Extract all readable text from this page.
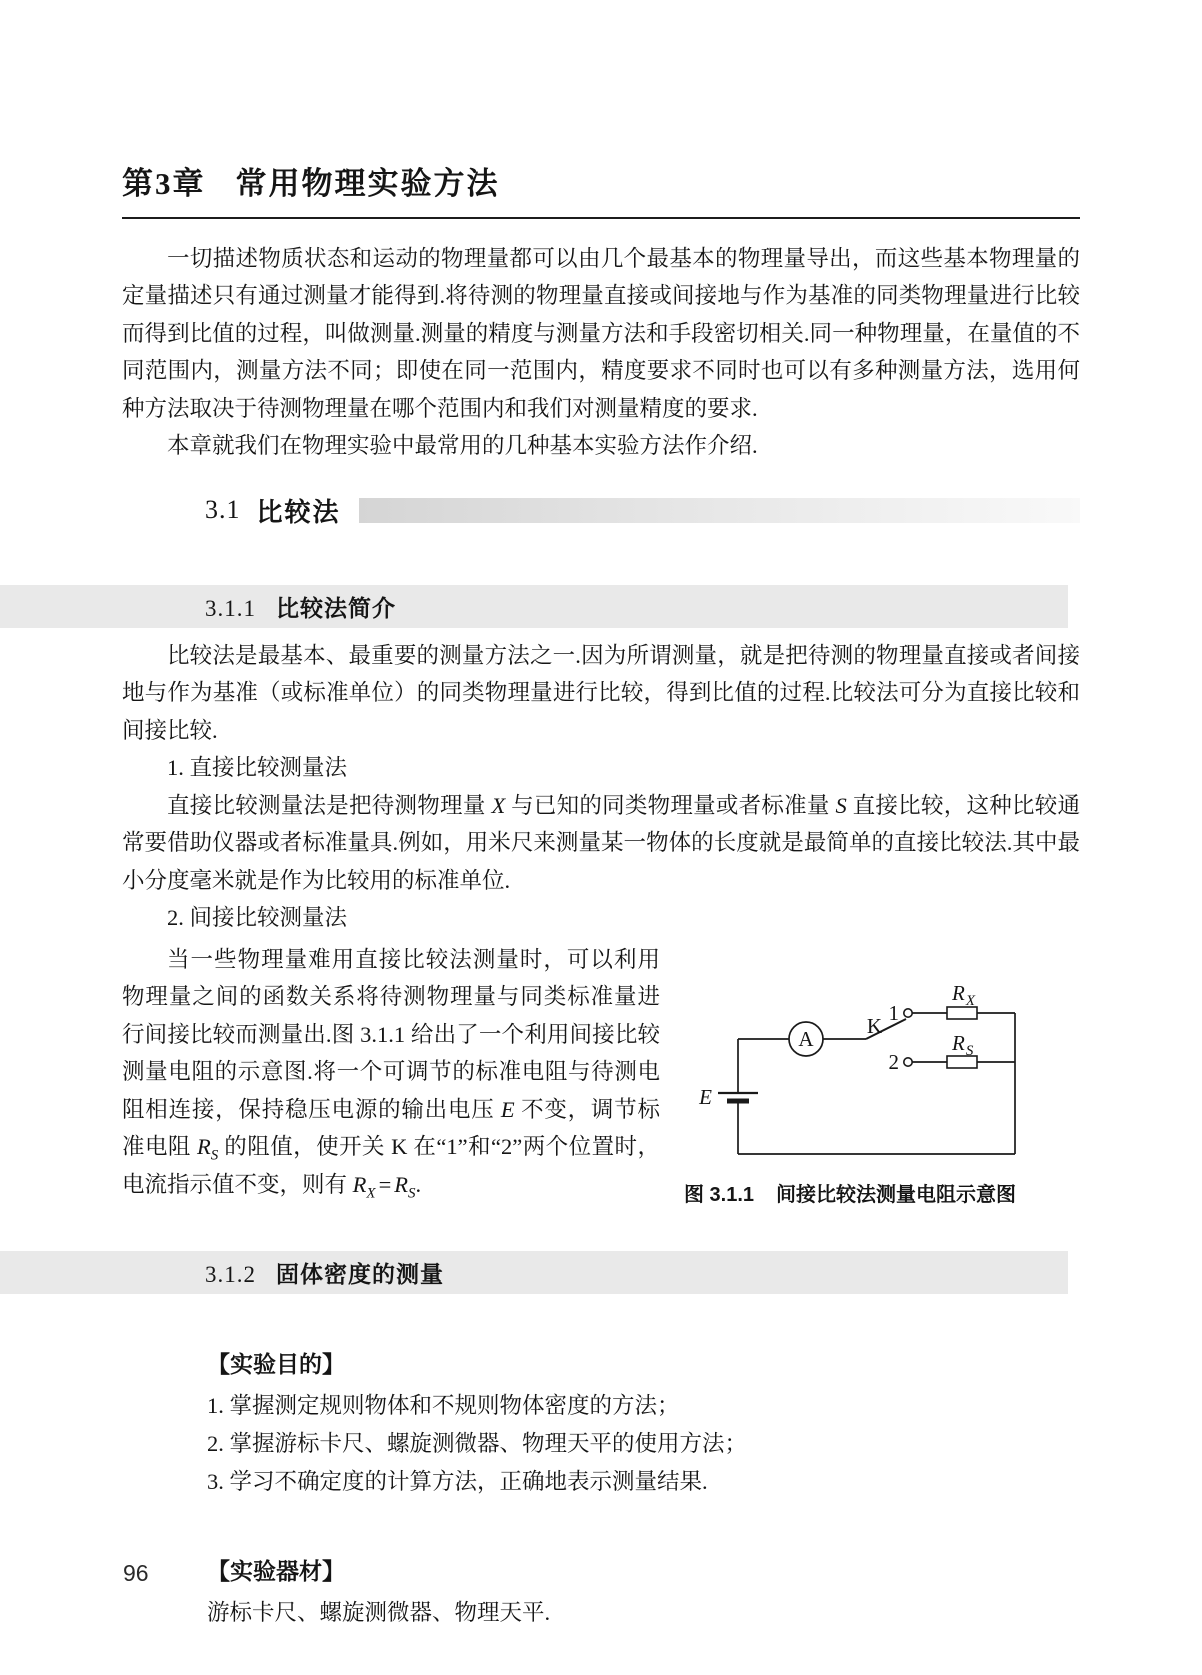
第3章 常用物理实验方法

一切描述物质状态和运动的物理量都可以由几个最基本的物理量导出，而这些基本物理量的定量描述只有通过测量才能得到.将待测的物理量直接或间接地与作为基准的同类物理量进行比较而得到比值的过程，叫做测量.测量的精度与测量方法和手段密切相关.同一种物理量，在量值的不同范围内，测量方法不同；即使在同一范围内，精度要求不同时也可以有多种测量方法，选用何种方法取决于待测物理量在哪个范围内和我们对测量精度的要求.

本章就我们在物理实验中最常用的几种基本实验方法作介绍.

3.1 比较法
3.1.1 比较法简介

比较法是最基本、最重要的测量方法之一.因为所谓测量，就是把待测的物理量直接或者间接地与作为基准（或标准单位）的同类物理量进行比较，得到比值的过程.比较法可分为直接比较和间接比较.

1. 直接比较测量法

直接比较测量法是把待测物理量 X 与已知的同类物理量或者标准量 S 直接比较，这种比较通常要借助仪器或者标准量具.例如，用米尺来测量某一物体的长度就是最简单的直接比较法.其中最小分度毫米就是作为比较用的标准单位.

2. 间接比较测量法

当一些物理量难用直接比较法测量时，可以利用物理量之间的函数关系将待测物理量与同类标准量进行间接比较而测量出.图 3.1.1 给出了一个利用间接比较测量电阻的示意图.将一个可调节的标准电阻与待测电阻相连接，保持稳压电源的输出电压 E 不变，调节标准电阻 $R_S$ 的阻值，使开关 K 在“1”和“2”两个位置时，电流指示值不变，则有 $R_X = R_S$.

A
1
2
K
$R_X$
$R_S$
E
图 3.1.1 间接比较法测量电阻示意图
3.1.2 固体密度的测量
【实验目的】
1. 掌握测定规则物体和不规则物体密度的方法；
2. 掌握游标卡尺、螺旋测微器、物理天平的使用方法；
3. 学习不确定度的计算方法，正确地表示测量结果.
【实验器材】
游标卡尺、螺旋测微器、物理天平.
96
